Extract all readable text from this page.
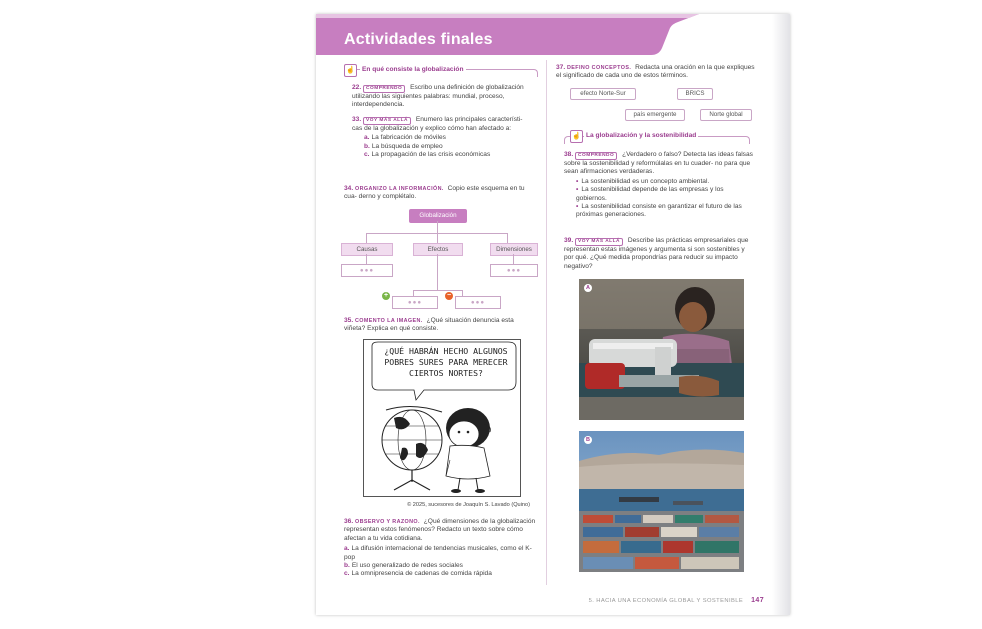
Actividades finales
☝	En qué consiste la globalización
22. COMPRENDO Escribo una definición de globalización utilizando las siguientes palabras: mundial, proceso, interdependencia.
33. VOY MÁS ALLÁ Enumero las principales característi- cas de la globalización y explico cómo han afectado a:
a. La fabricación de móviles
b. La búsqueda de empleo
c. La propagación de las crisis económicas
34. ORGANIZO LA INFORMACIÓN. Copio este esquema en tu cua- derno y complétalo.
Globalización
Causas	Efectos	Dimensiones
●●●	●●●
+
●●●
−
●●●
35. COMENTO LA IMAGEN. ¿Qué situación denuncia esta viñeta? Explica en qué consiste.
¿QUÉ HABRÁN HECHO ALGUNOS POBRES SURES PARA MERECER CIERTOS NORTES?
© 2025, sucesores de Joaquín S. Lavado (Quino)
36. OBSERVO Y RAZONO. ¿Qué dimensiones de la globalización representan estos fenómenos? Redacto un texto sobre cómo afectan a tu vida cotidiana.
a. La difusión internacional de tendencias musicales, como el K-pop
b. El uso generalizado de redes sociales
c. La omnipresencia de cadenas de comida rápida
37. DEFINO CONCEPTOS. Redacta una oración en la que expliques el significado de cada uno de estos términos.
efecto Norte-Sur	BRICS
país emergente	Norte global
☝ La globalización y la sostenibilidad
38. COMPRENDO ¿Verdadero o falso? Detecta las ideas falsas sobre la sostenibilidad y reformúlalas en tu cuader- no para que sean afirmaciones verdaderas.
• La sostenibilidad es un concepto ambiental.
• La sostenibilidad depende de las empresas y los gobiernos.
• La sostenibilidad consiste en garantizar el futuro de las próximas generaciones.
39. VOY MÁS ALLÁ Describe las prácticas empresariales que representan estas imágenes y argumenta si son sostenibles y por qué. ¿Qué medida propondrías para reducir su impacto negativo?
A
B
5. HACIA UNA ECONOMÍA GLOBAL Y SOSTENIBLE 147
